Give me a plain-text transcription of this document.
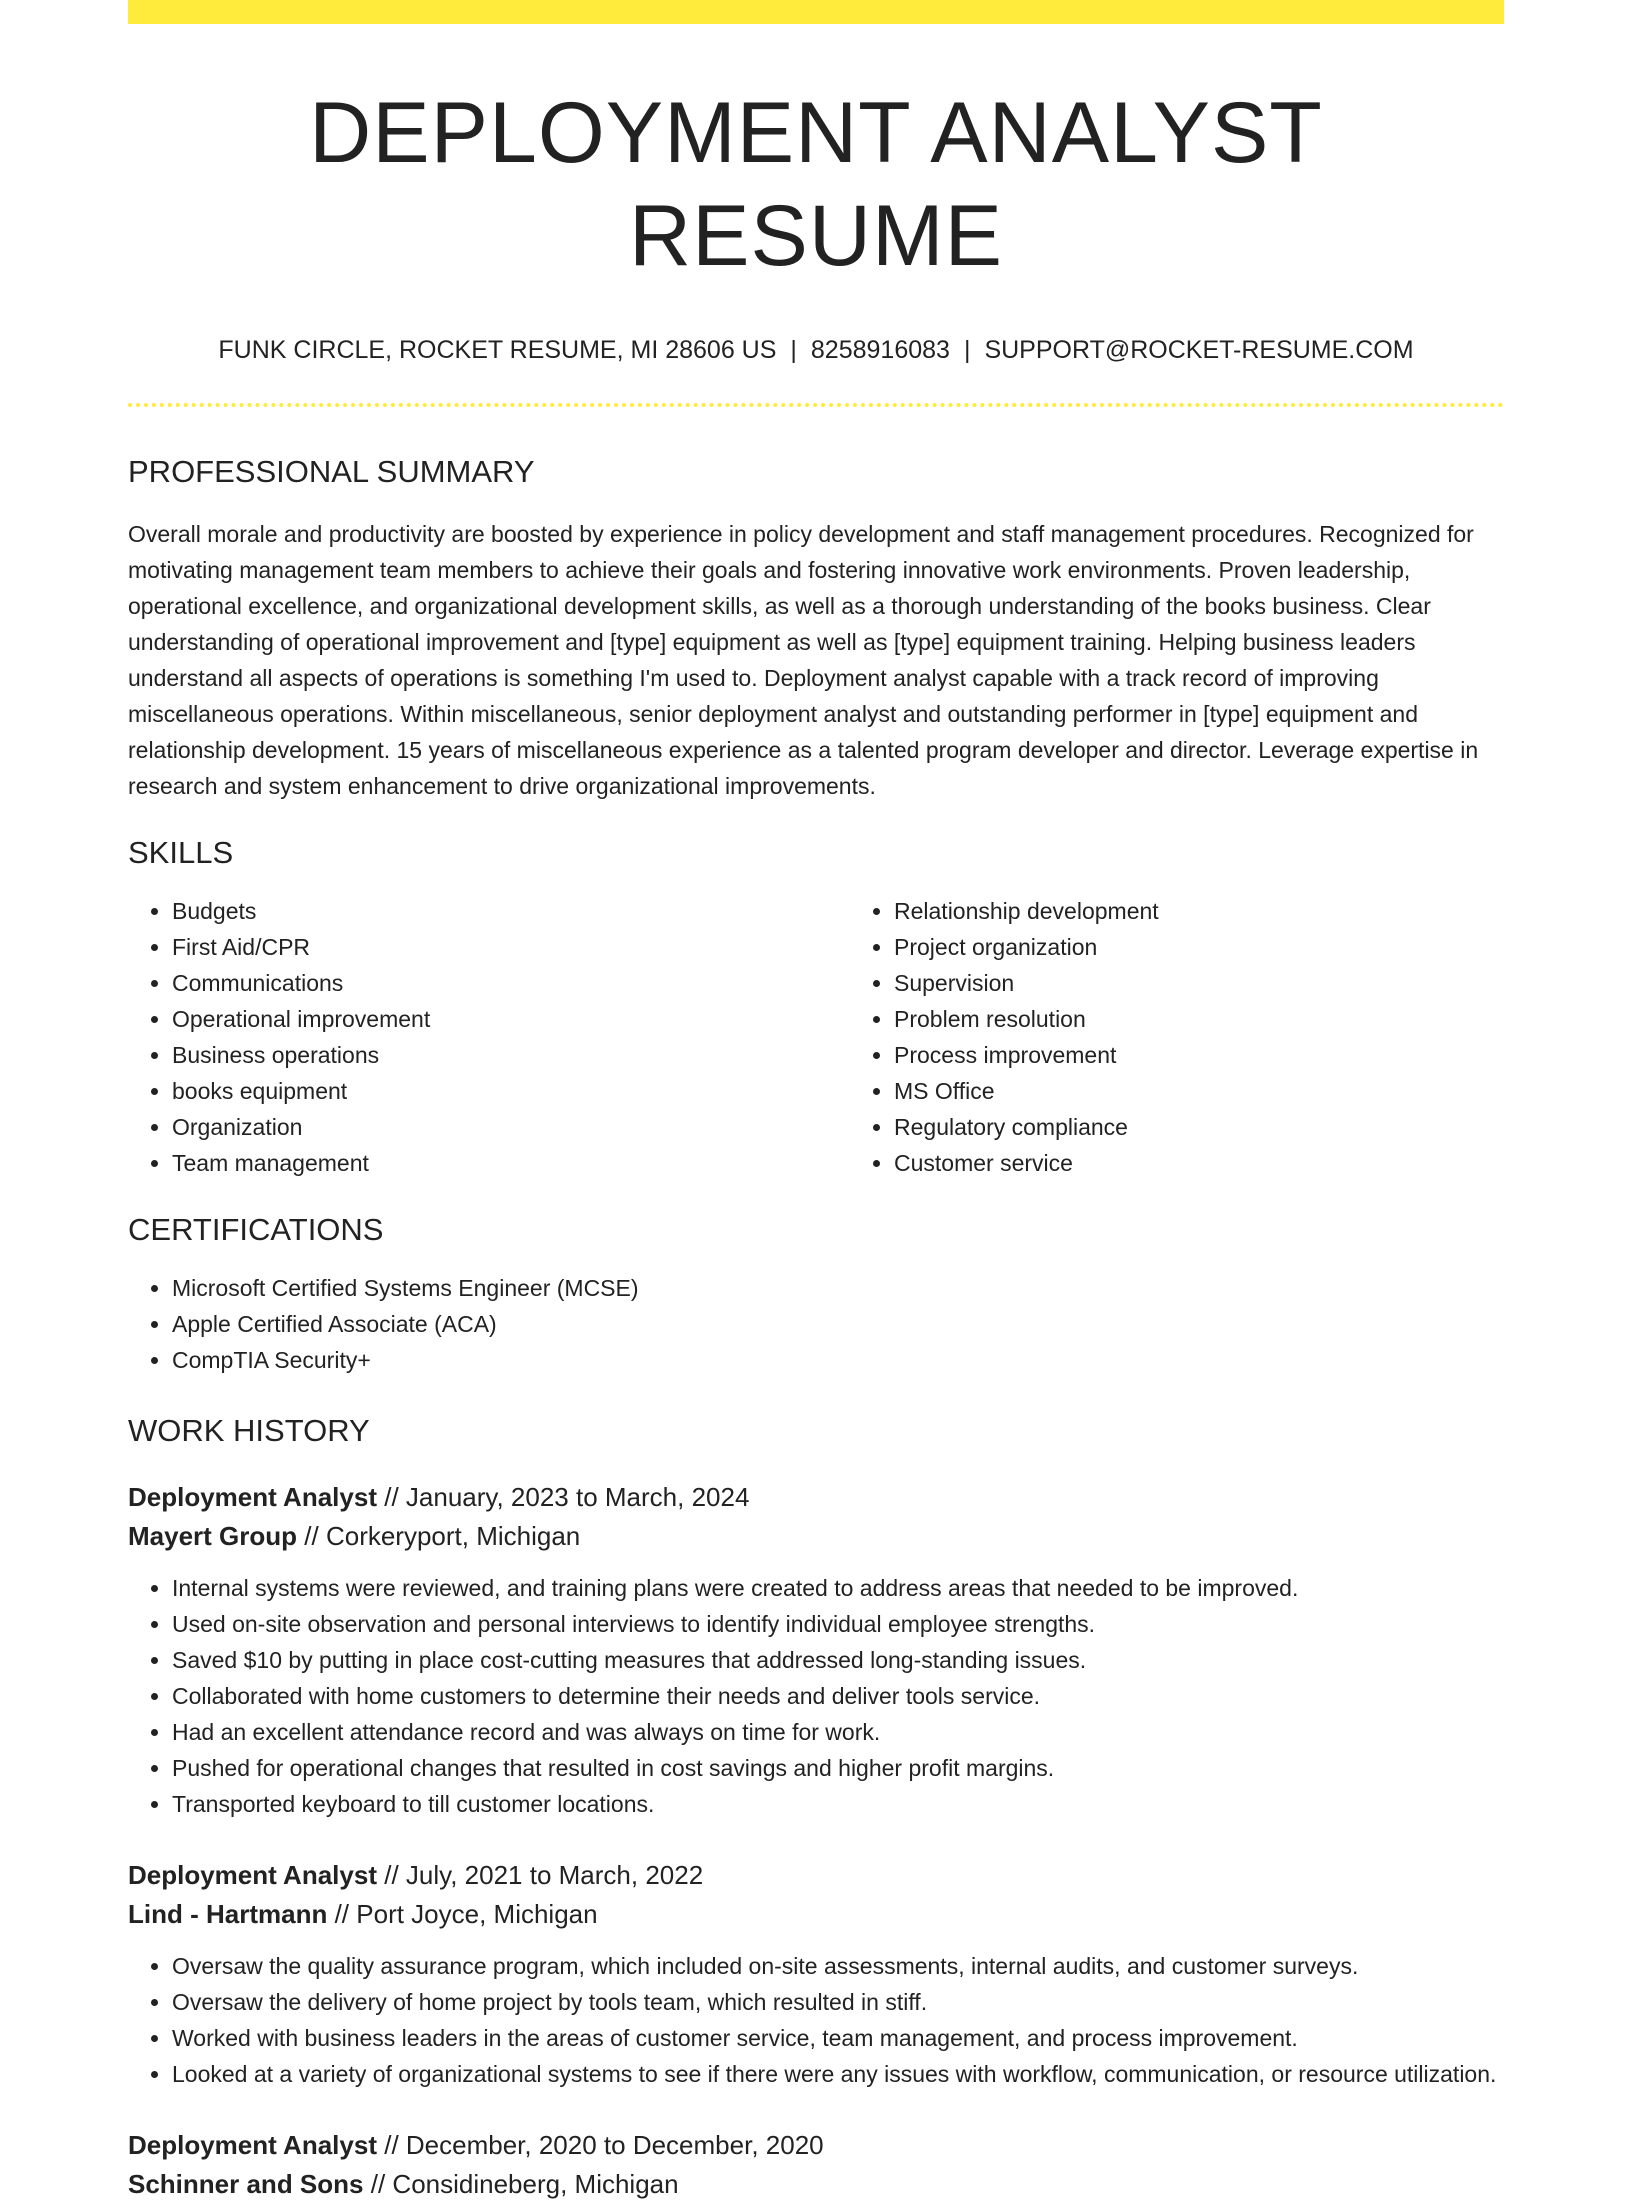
DEPLOYMENT ANALYST RESUME
FUNK CIRCLE, ROCKET RESUME, MI 28606 US | 8258916083 | SUPPORT@ROCKET-RESUME.COM
PROFESSIONAL SUMMARY

Overall morale and productivity are boosted by experience in policy development and staff management procedures. Recognized for motivating management team members to achieve their goals and fostering innovative work environments. Proven leadership, operational excellence, and organizational development skills, as well as a thorough understanding of the books business. Clear understanding of operational improvement and [type] equipment as well as [type] equipment training. Helping business leaders understand all aspects of operations is something I'm used to. Deployment analyst capable with a track record of improving miscellaneous operations. Within miscellaneous, senior deployment analyst and outstanding performer in [type] equipment and relationship development. 15 years of miscellaneous experience as a talented program developer and director. Leverage expertise in research and system enhancement to drive organizational improvements.

SKILLS
• Budgets
• First Aid/CPR
• Communications
• Operational improvement
• Business operations
• books equipment
• Organization
• Team management
• Relationship development
• Project organization
• Supervision
• Problem resolution
• Process improvement
• MS Office
• Regulatory compliance
• Customer service
CERTIFICATIONS
• Microsoft Certified Systems Engineer (MCSE)
• Apple Certified Associate (ACA)
• CompTIA Security+
WORK HISTORY
Deployment Analyst // January, 2023 to March, 2024
Mayert Group // Corkeryport, Michigan
• Internal systems were reviewed, and training plans were created to address areas that needed to be improved.
• Used on-site observation and personal interviews to identify individual employee strengths.
• Saved $10 by putting in place cost-cutting measures that addressed long-standing issues.
• Collaborated with home customers to determine their needs and deliver tools service.
• Had an excellent attendance record and was always on time for work.
• Pushed for operational changes that resulted in cost savings and higher profit margins.
• Transported keyboard to till customer locations.
Deployment Analyst // July, 2021 to March, 2022
Lind - Hartmann // Port Joyce, Michigan
• Oversaw the quality assurance program, which included on-site assessments, internal audits, and customer surveys.
• Oversaw the delivery of home project by tools team, which resulted in stiff.
• Worked with business leaders in the areas of customer service, team management, and process improvement.
• Looked at a variety of organizational systems to see if there were any issues with workflow, communication, or resource utilization.
Deployment Analyst // December, 2020 to December, 2020
Schinner and Sons // Considineberg, Michigan
